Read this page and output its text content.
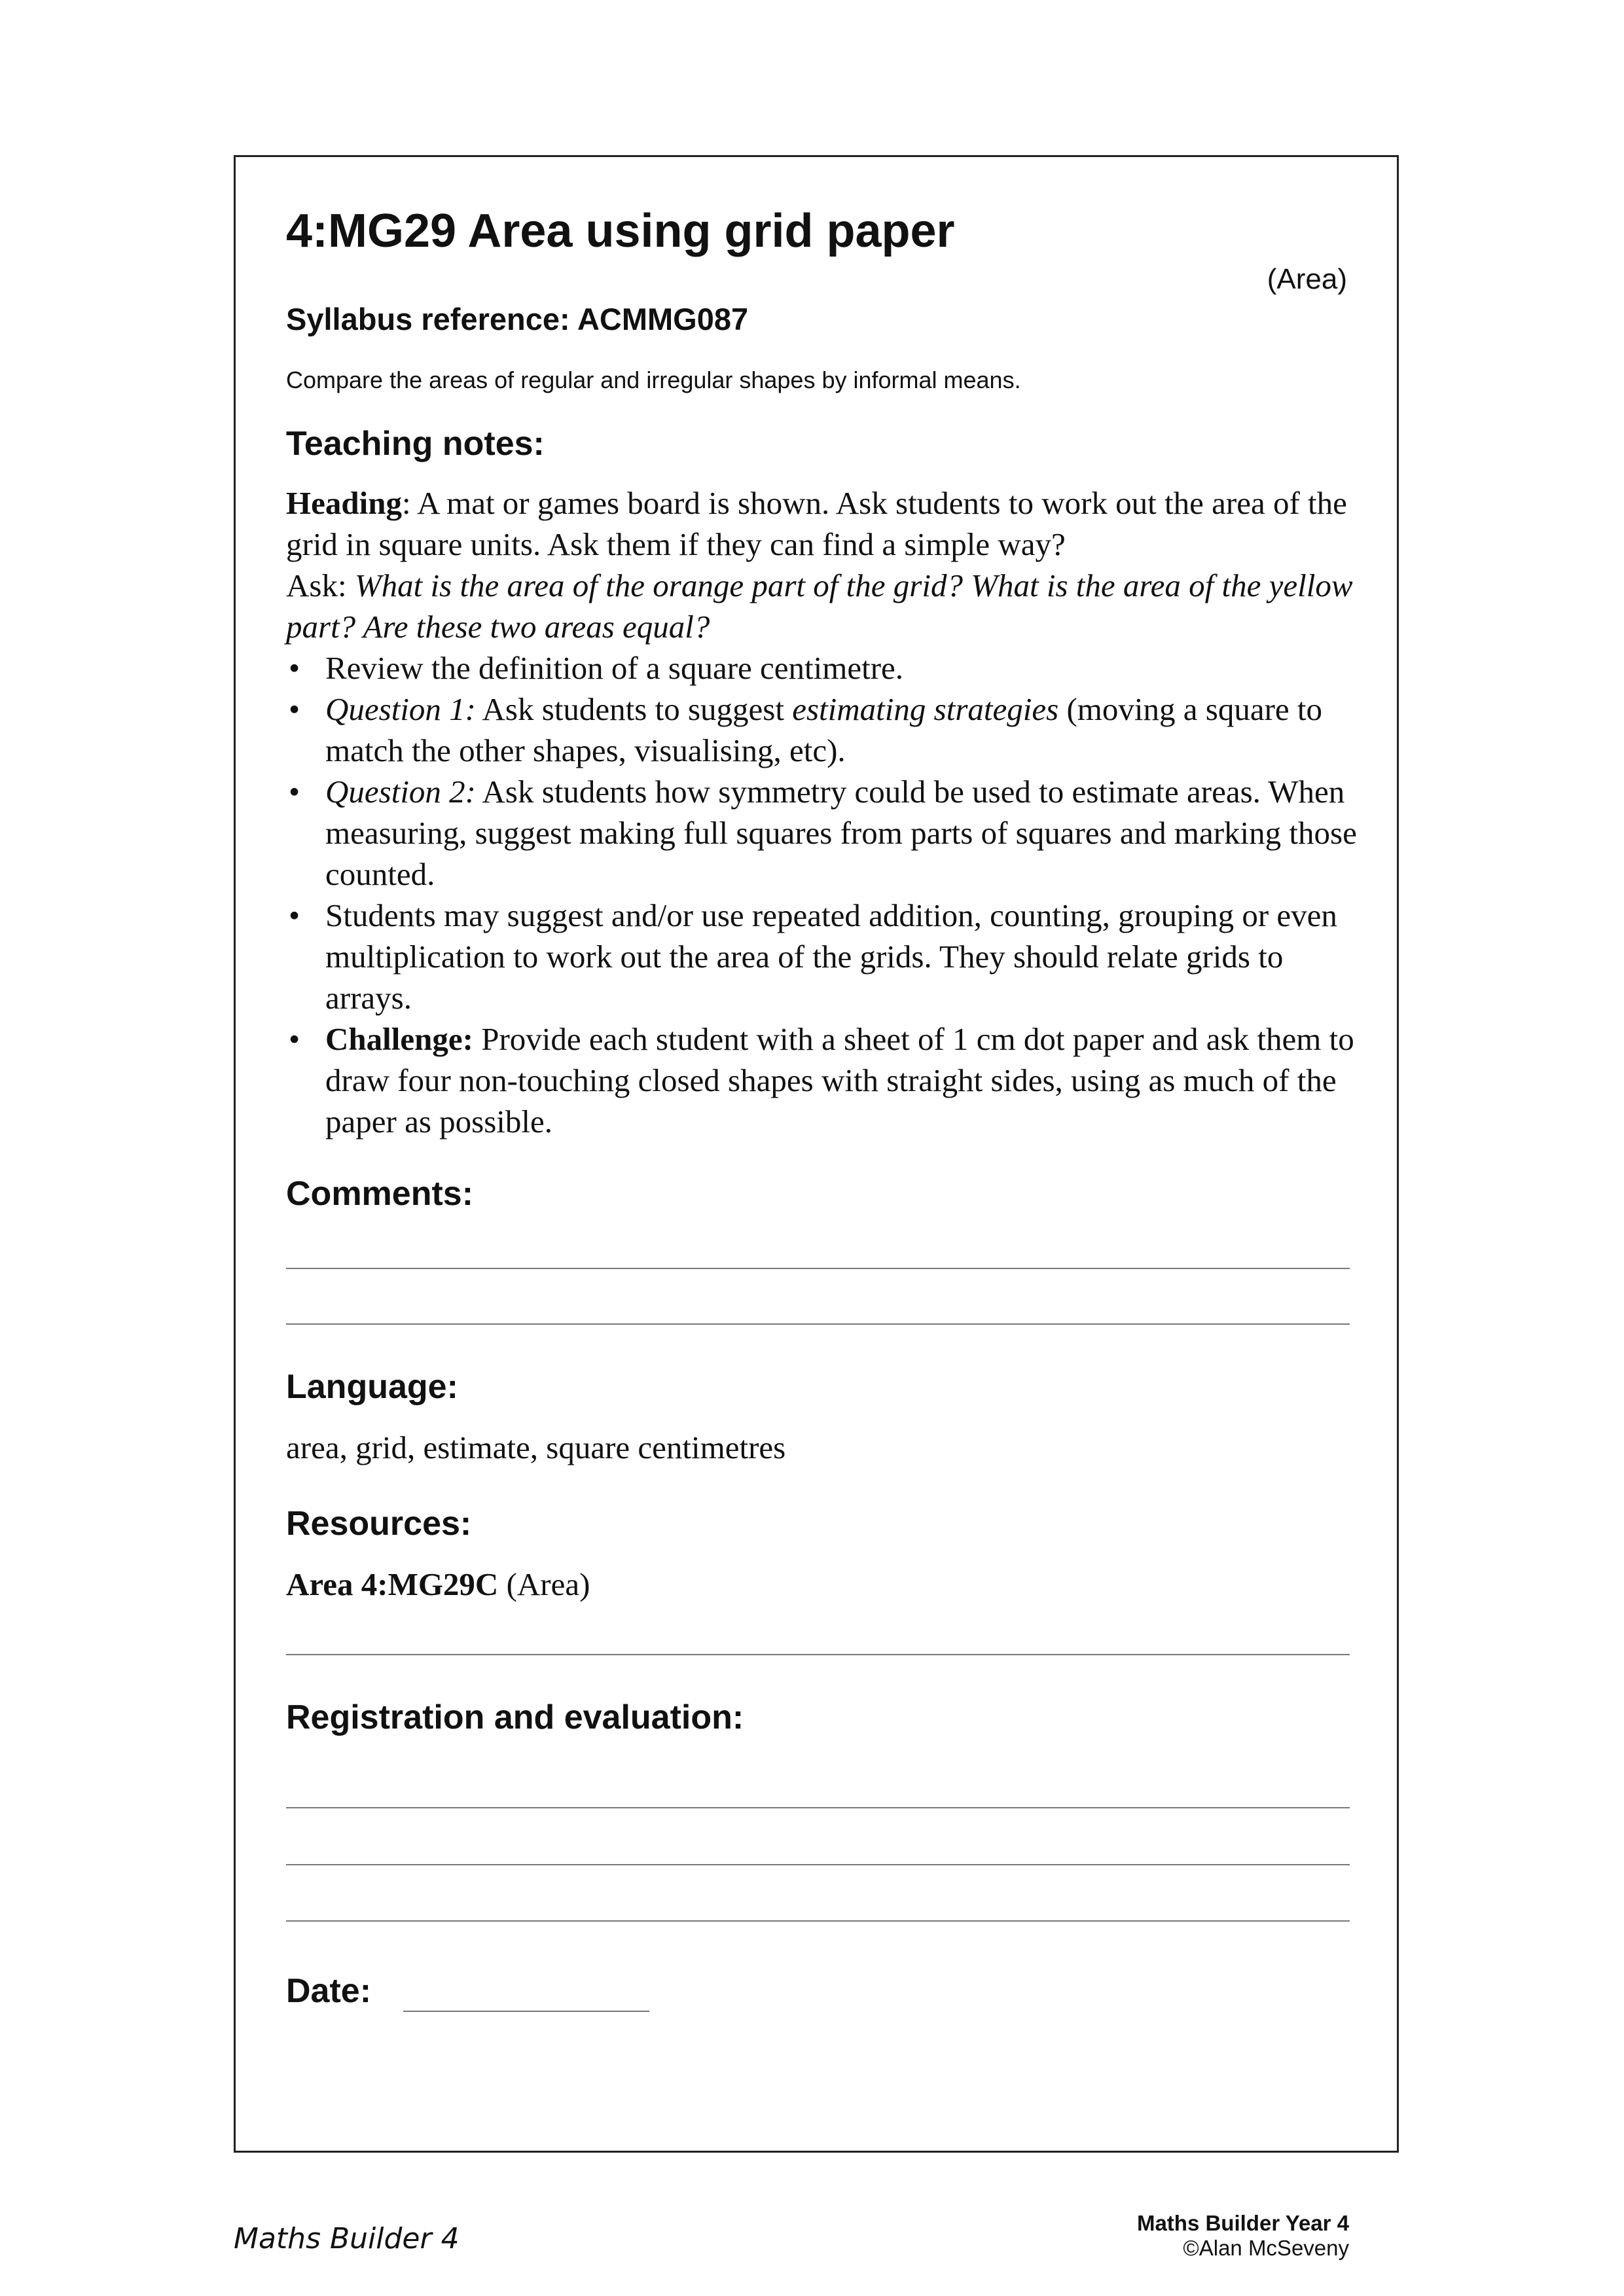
4:MG29 Area using grid paper
(Area)
Syllabus reference: ACMMG087
Compare the areas of regular and irregular shapes by informal means.
Teaching notes:

Heading: A mat or games board is shown. Ask students to work out the area of the grid in square units. Ask them if they can find a simple way?

Ask: What is the area of the orange part of the grid? What is the area of the yellow part? Are these two areas equal?

• Review the definition of a square centimetre.
• Question 1: Ask students to suggest estimating strategies (moving a square to match the other shapes, visualising, etc).
• Question 2: Ask students how symmetry could be used to estimate areas. When measuring, suggest making full squares from parts of squares and marking those counted.
• Students may suggest and/or use repeated addition, counting, grouping or even multiplication to work out the area of the grids. They should relate grids to arrays.
• Challenge: Provide each student with a sheet of 1 cm dot paper and ask them to draw four non-touching closed shapes with straight sides, using as much of the paper as possible.
Comments:
Language:
area, grid, estimate, square centimetres
Resources:
Area 4:MG29C (Area)
Registration and evaluation:
Date:
Maths Builder 4	Maths Builder Year 4
©Alan McSeveny
